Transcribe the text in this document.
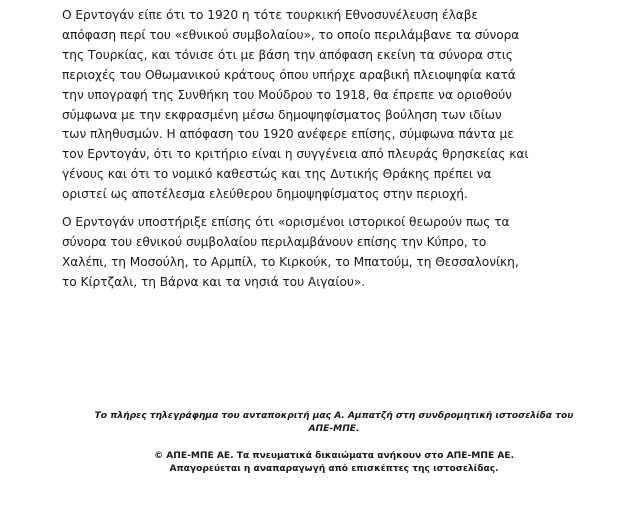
Ο Ερντογάν είπε ότι το 1920 η τότε τουρκική Εθνοσυνέλευση έλαβε
απόφαση περί του «εθνικού συμβολαίου», το οποίο περιλάμβανε τα σύνορα
της Τουρκίας, και τόνισε ότι με βάση την απόφαση εκείνη τα σύνορα στις
περιοχές του Οθωμανικού κράτους όπου υπήρχε αραβική πλειοψηφία κατά
την υπογραφή της Συνθήκη του Μούδρου το 1918, θα έπρεπε να οριοθούν
σύμφωνα με την εκφρασμένη μέσω δημοψηφίσματος βούληση των ιδίων
των πληθυσμών. Η απόφαση του 1920 ανέφερε επίσης, σύμφωνα πάντα με
τον Ερντογάν, ότι το κριτήριο είναι η συγγένεια από πλευράς θρησκείας και
γένους και ότι το νομικό καθεστώς και της Δυτικής Θράκης πρέπει να
οριστεί ως αποτέλεσμα ελεύθερου δημοψηφίσματος στην περιοχή.

Ο Ερντογάν υποστήριξε επίσης ότι «ορισμένοι ιστορικοί θεωρούν πως τα
σύνορα του εθνικού συμβολαίου περιλαμβάνουν επίσης την Κύπρο, το
Χαλέπι, τη Μοσούλη, το Αρμπίλ, το Κιρκούκ, το Μπατούμ, τη Θεσσαλονίκη,
το Κίρτζαλι, τη Βάρνα και τα νησιά του Αιγαίου».

Το πλήρες τηλεγράφημα του ανταποκριτή μας Α. Αμπατζή στη συνδρομητική ιστοσελίδα του
ΑΠΕ-ΜΠΕ.
© ΑΠΕ-ΜΠΕ ΑΕ. Τα πνευματικά δικαιώματα ανήκουν στο ΑΠΕ-ΜΠΕ ΑΕ.
Απαγορεύεται η αναπαραγωγή από επισκέπτες της ιστοσελίδας.
